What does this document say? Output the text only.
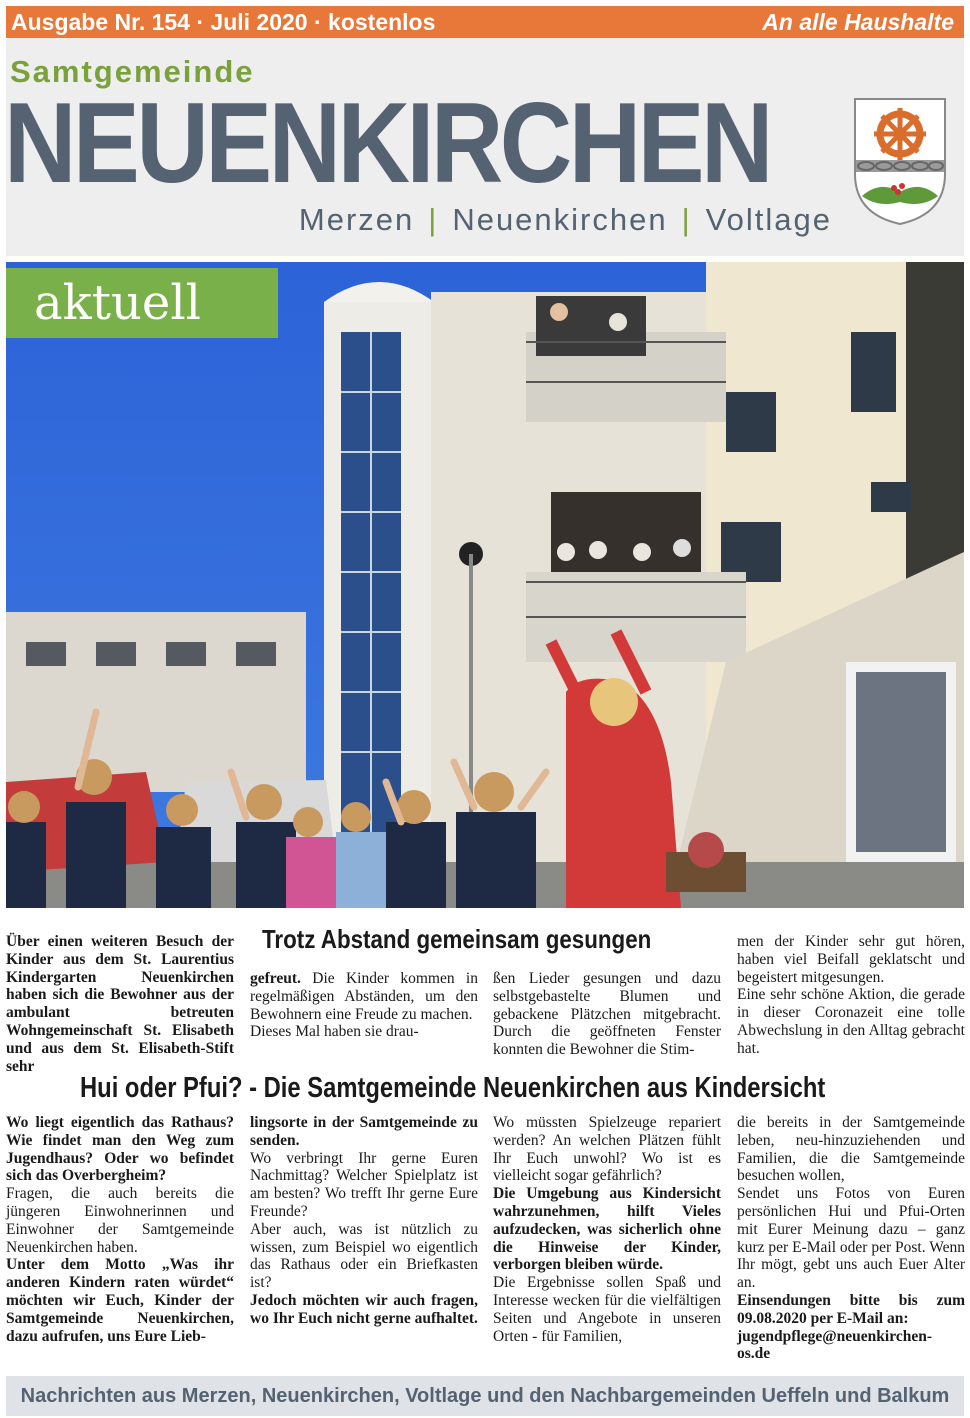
Ausgabe Nr. 154 · Juli 2020 · kostenlos	An alle Haushalte
Samtgemeinde
NEUENKIRCHEN
Merzen | Neuenkirchen | Voltlage
aktuell
Über einen weiteren Besuch der Kinder aus dem St. Laurentius Kindergarten Neuenkirchen haben sich die Bewohner aus der ambulant betreuten Wohngemeinschaft St. Elisabeth und aus dem St. Elisabeth-Stift sehr
Trotz Abstand gemeinsam gesungen
gefreut. Die Kinder kommen in regelmäßigen Abständen, um den Bewohnern eine Freude zu machen.
Dieses Mal haben sie drau-
ßen Lieder gesungen und dazu selbstgebastelte Blumen und gebackene Plätzchen mitgebracht. Durch die geöffneten Fenster konnten die Bewohner die Stim-
men der Kinder sehr gut hören, haben viel Beifall geklatscht und begeistert mitgesungen.
Eine sehr schöne Aktion, die gerade in dieser Coronazeit eine tolle Abwechslung in den Alltag gebracht hat.
Hui oder Pfui? - Die Samtgemeinde Neuenkirchen aus Kindersicht
Wo liegt eigentlich das Rathaus? Wie findet man den Weg zum Jugendhaus? Oder wo befindet sich das Overbergheim?
Fragen, die auch bereits die jüngeren Einwohnerinnen und Einwohner der Samtgemeinde Neuenkirchen haben.
Unter dem Motto „Was ihr anderen Kindern raten würdet“ möchten wir Euch, Kinder der Samtgemeinde Neuenkirchen, dazu aufrufen, uns Eure Lieb-
lingsorte in der Samtgemeinde zu senden.
Wo verbringt Ihr gerne Euren Nachmittag? Welcher Spielplatz ist am besten? Wo trefft Ihr gerne Eure Freunde?
Aber auch, was ist nützlich zu wissen, zum Beispiel wo eigentlich das Rathaus oder ein Briefkasten ist?
Jedoch möchten wir auch fragen, wo Ihr Euch nicht gerne aufhaltet.
Wo müssten Spielzeuge repariert werden? An welchen Plätzen fühlt Ihr Euch unwohl? Wo ist es vielleicht sogar gefährlich?
Die Umgebung aus Kindersicht wahrzunehmen, hilft Vieles aufzudecken, was sicherlich ohne die Hinweise der Kinder, verborgen bleiben würde.
Die Ergebnisse sollen Spaß und Interesse wecken für die vielfältigen Seiten und Angebote in unseren Orten - für Familien,
die bereits in der Samtgemeinde leben, neu-hinzuziehenden und Familien, die die Samtgemeinde besuchen wollen,
Sendet uns Fotos von Euren persönlichen Hui und Pfui-Orten mit Eurer Meinung dazu – ganz kurz per E-Mail oder per Post. Wenn Ihr mögt, gebt uns auch Euer Alter an.
Einsendungen bitte bis zum 09.08.2020 per E-Mail an:
jugendpflege@neuenkirchen-os.de
Nachrichten aus Merzen, Neuenkirchen, Voltlage und den Nachbargemeinden Ueffeln und Balkum
